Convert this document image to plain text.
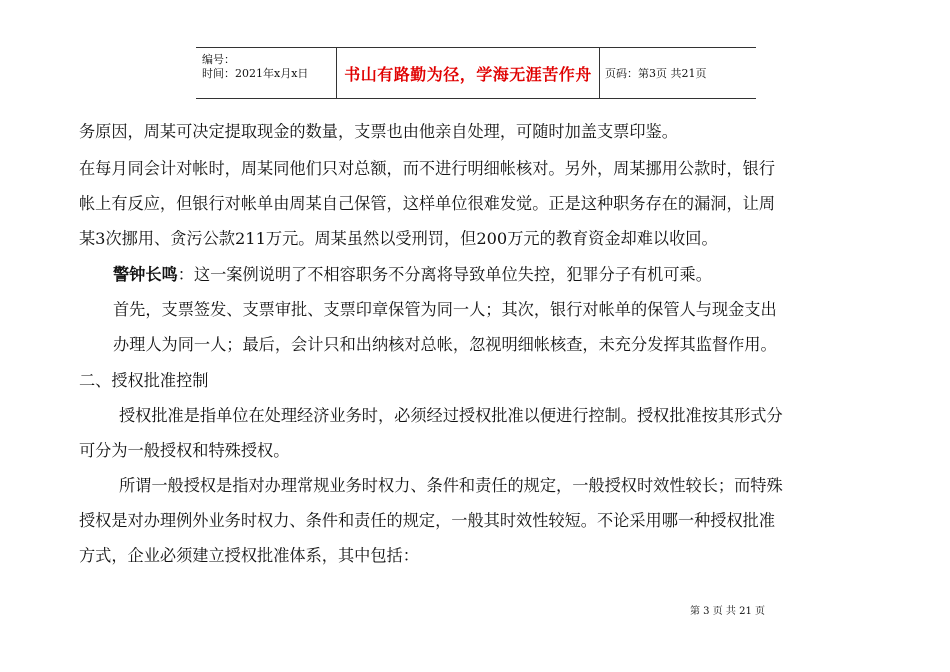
编号：
时间：2021年x月x日	书山有路勤为径，学海无涯苦作舟 页码：第3页 共21页
务原因，周某可决定提取现金的数量，支票也由他亲自处理，可随时加盖支票印鉴。
在每月同会计对帐时，周某同他们只对总额，而不进行明细帐核对。另外，周某挪用公款时，银行
帐上有反应，但银行对帐单由周某自己保管，这样单位很难发觉。正是这种职务存在的漏洞，让周
某3次挪用、贪污公款211万元。周某虽然以受刑罚，但200万元的教育资金却难以收回。
警钟长鸣：这一案例说明了不相容职务不分离将导致单位失控，犯罪分子有机可乘。
首先，支票签发、支票审批、支票印章保管为同一人；其次，银行对帐单的保管人与现金支出
办理人为同一人；最后，会计只和出纳核对总帐，忽视明细帐核查，未充分发挥其监督作用。
二、授权批准控制
授权批准是指单位在处理经济业务时，必须经过授权批准以便进行控制。授权批准按其形式分
可分为一般授权和特殊授权。
所谓一般授权是指对办理常规业务时权力、条件和责任的规定，一般授权时效性较长；而特殊
授权是对办理例外业务时权力、条件和责任的规定，一般其时效性较短。不论采用哪一种授权批准
方式，企业必须建立授权批准体系，其中包括：
第 3 页 共 21 页
